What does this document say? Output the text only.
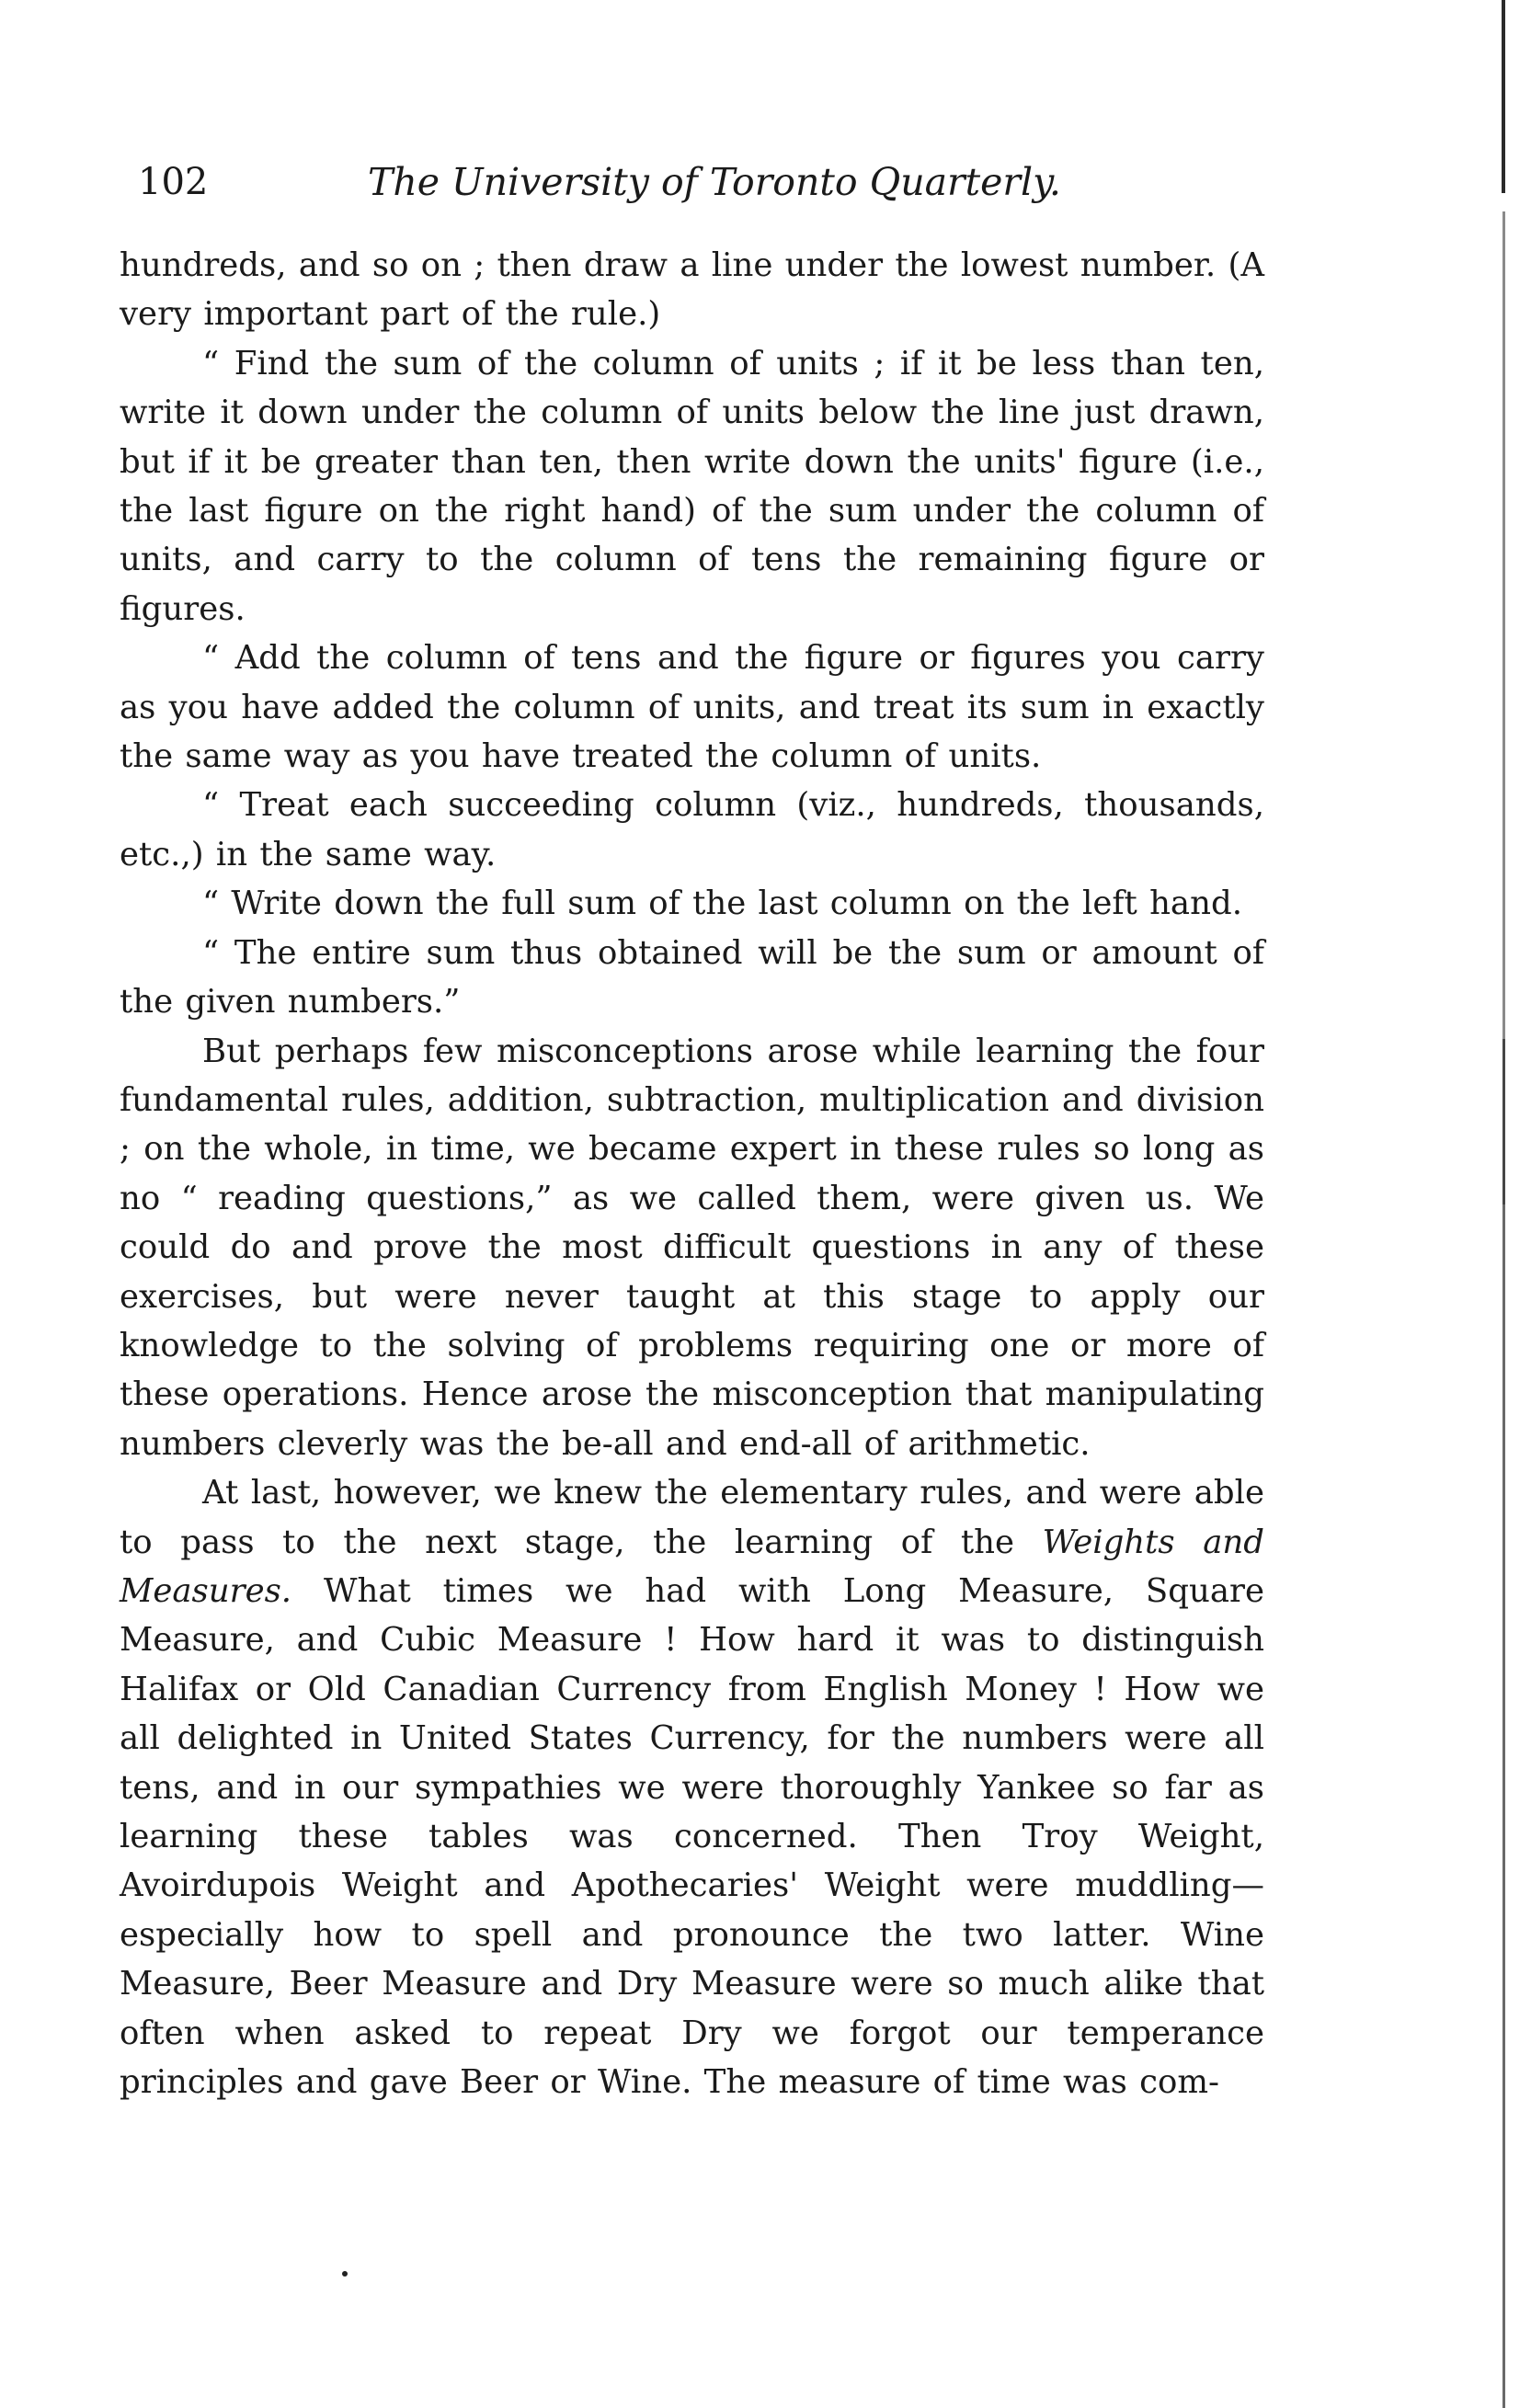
102	The University of Toronto Quarterly.

hundreds, and so on ; then draw a line under the lowest number. (A very important part of the rule.)

“ Find the sum of the column of units ; if it be less than ten, write it down under the column of units below the line just drawn, but if it be greater than ten, then write down the units' figure (i.e., the last figure on the right hand) of the sum under the column of units, and carry to the column of tens the remaining figure or figures.

“ Add the column of tens and the figure or figures you carry as you have added the column of units, and treat its sum in exactly the same way as you have treated the column of units.

“ Treat each succeeding column (viz., hundreds, thousands, etc.,) in the same way.

“ Write down the full sum of the last column on the left hand.

“ The entire sum thus obtained will be the sum or amount of the given numbers.”

But perhaps few misconceptions arose while learning the four fundamental rules, addition, subtraction, multiplication and division ; on the whole, in time, we became expert in these rules so long as no “ reading questions,” as we called them, were given us. We could do and prove the most difficult questions in any of these exercises, but were never taught at this stage to apply our knowledge to the solving of problems requiring one or more of these operations. Hence arose the misconception that manipulating numbers cleverly was the be-all and end-all of arithmetic.

At last, however, we knew the elementary rules, and were able to pass to the next stage, the learning of the Weights and Measures. What times we had with Long Measure, Square Measure, and Cubic Measure ! How hard it was to distinguish Halifax or Old Canadian Currency from English Money ! How we all delighted in United States Currency, for the numbers were all tens, and in our sympathies we were thoroughly Yankee so far as learning these tables was concerned. Then Troy Weight, Avoirdupois Weight and Apothecaries' Weight were muddling— especially how to spell and pronounce the two latter. Wine Measure, Beer Measure and Dry Measure were so much alike that often when asked to repeat Dry we forgot our temperance principles and gave Beer or Wine. The measure of time was com-
